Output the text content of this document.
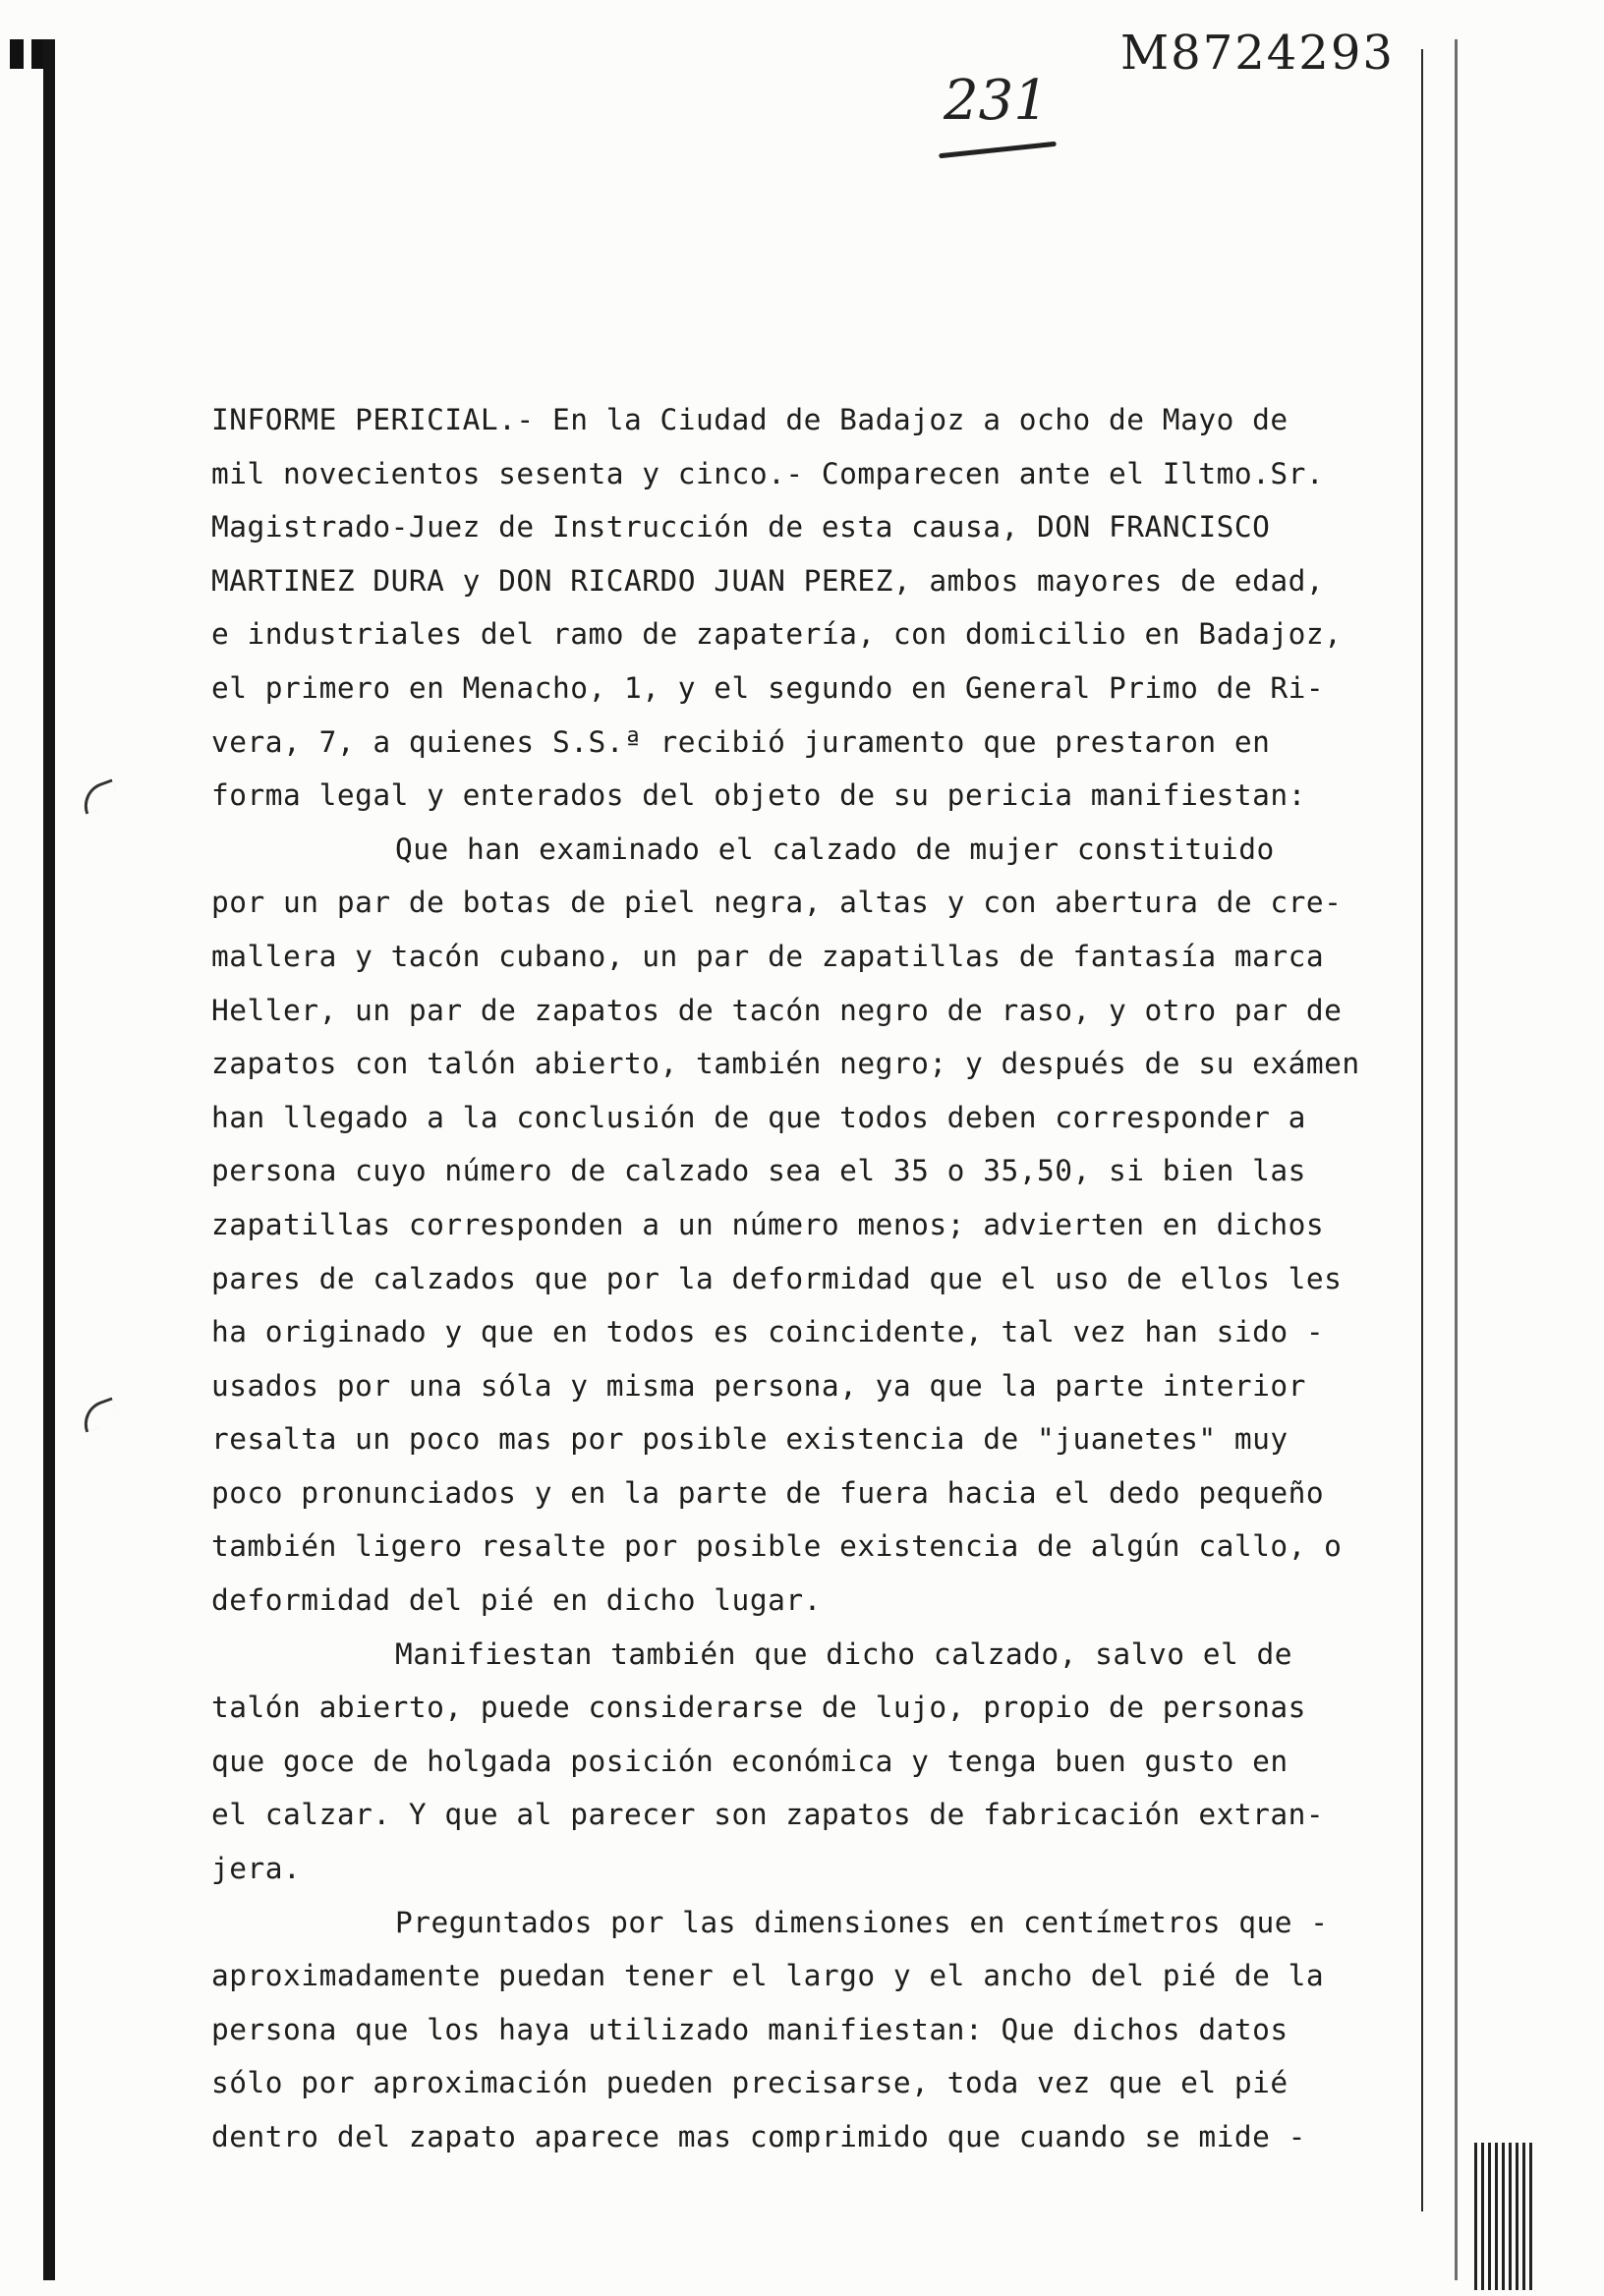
M8724293
231
INFORME PERICIAL.- En la Ciudad de Badajoz a ocho de Mayo de
mil novecientos sesenta y cinco.- Comparecen ante el Iltmo.Sr.
Magistrado-Juez de Instrucción de esta causa, DON FRANCISCO
MARTINEZ DURA y DON RICARDO JUAN PEREZ, ambos mayores de edad,
e industriales del ramo de zapatería, con domicilio en Badajoz,
el primero en Menacho, 1, y el segundo en General Primo de Ri-
vera, 7, a quienes S.S.ª recibió juramento que prestaron en
forma legal y enterados del objeto de su pericia manifiestan:
Que han examinado el calzado de mujer constituido
por un par de botas de piel negra, altas y con abertura de cre-
mallera y tacón cubano, un par de zapatillas de fantasía marca
Heller, un par de zapatos de tacón negro de raso, y otro par de
zapatos con talón abierto, también negro; y después de su exámen
han llegado a la conclusión de que todos deben corresponder a
persona cuyo número de calzado sea el 35 o 35,50, si bien las
zapatillas corresponden a un número menos; advierten en dichos
pares de calzados que por la deformidad que el uso de ellos les
ha originado y que en todos es coincidente, tal vez han sido -
usados por una sóla y misma persona, ya que la parte interior
resalta un poco mas por posible existencia de "juanetes" muy
poco pronunciados y en la parte de fuera hacia el dedo pequeño
también ligero resalte por posible existencia de algún callo, o
deformidad del pié en dicho lugar.
Manifiestan también que dicho calzado, salvo el de
talón abierto, puede considerarse de lujo, propio de personas
que goce de holgada posición económica y tenga buen gusto en
el calzar. Y que al parecer son zapatos de fabricación extran-
jera.
Preguntados por las dimensiones en centímetros que -
aproximadamente puedan tener el largo y el ancho del pié de la
persona que los haya utilizado manifiestan: Que dichos datos
sólo por aproximación pueden precisarse, toda vez que el pié
dentro del zapato aparece mas comprimido que cuando se mide -
